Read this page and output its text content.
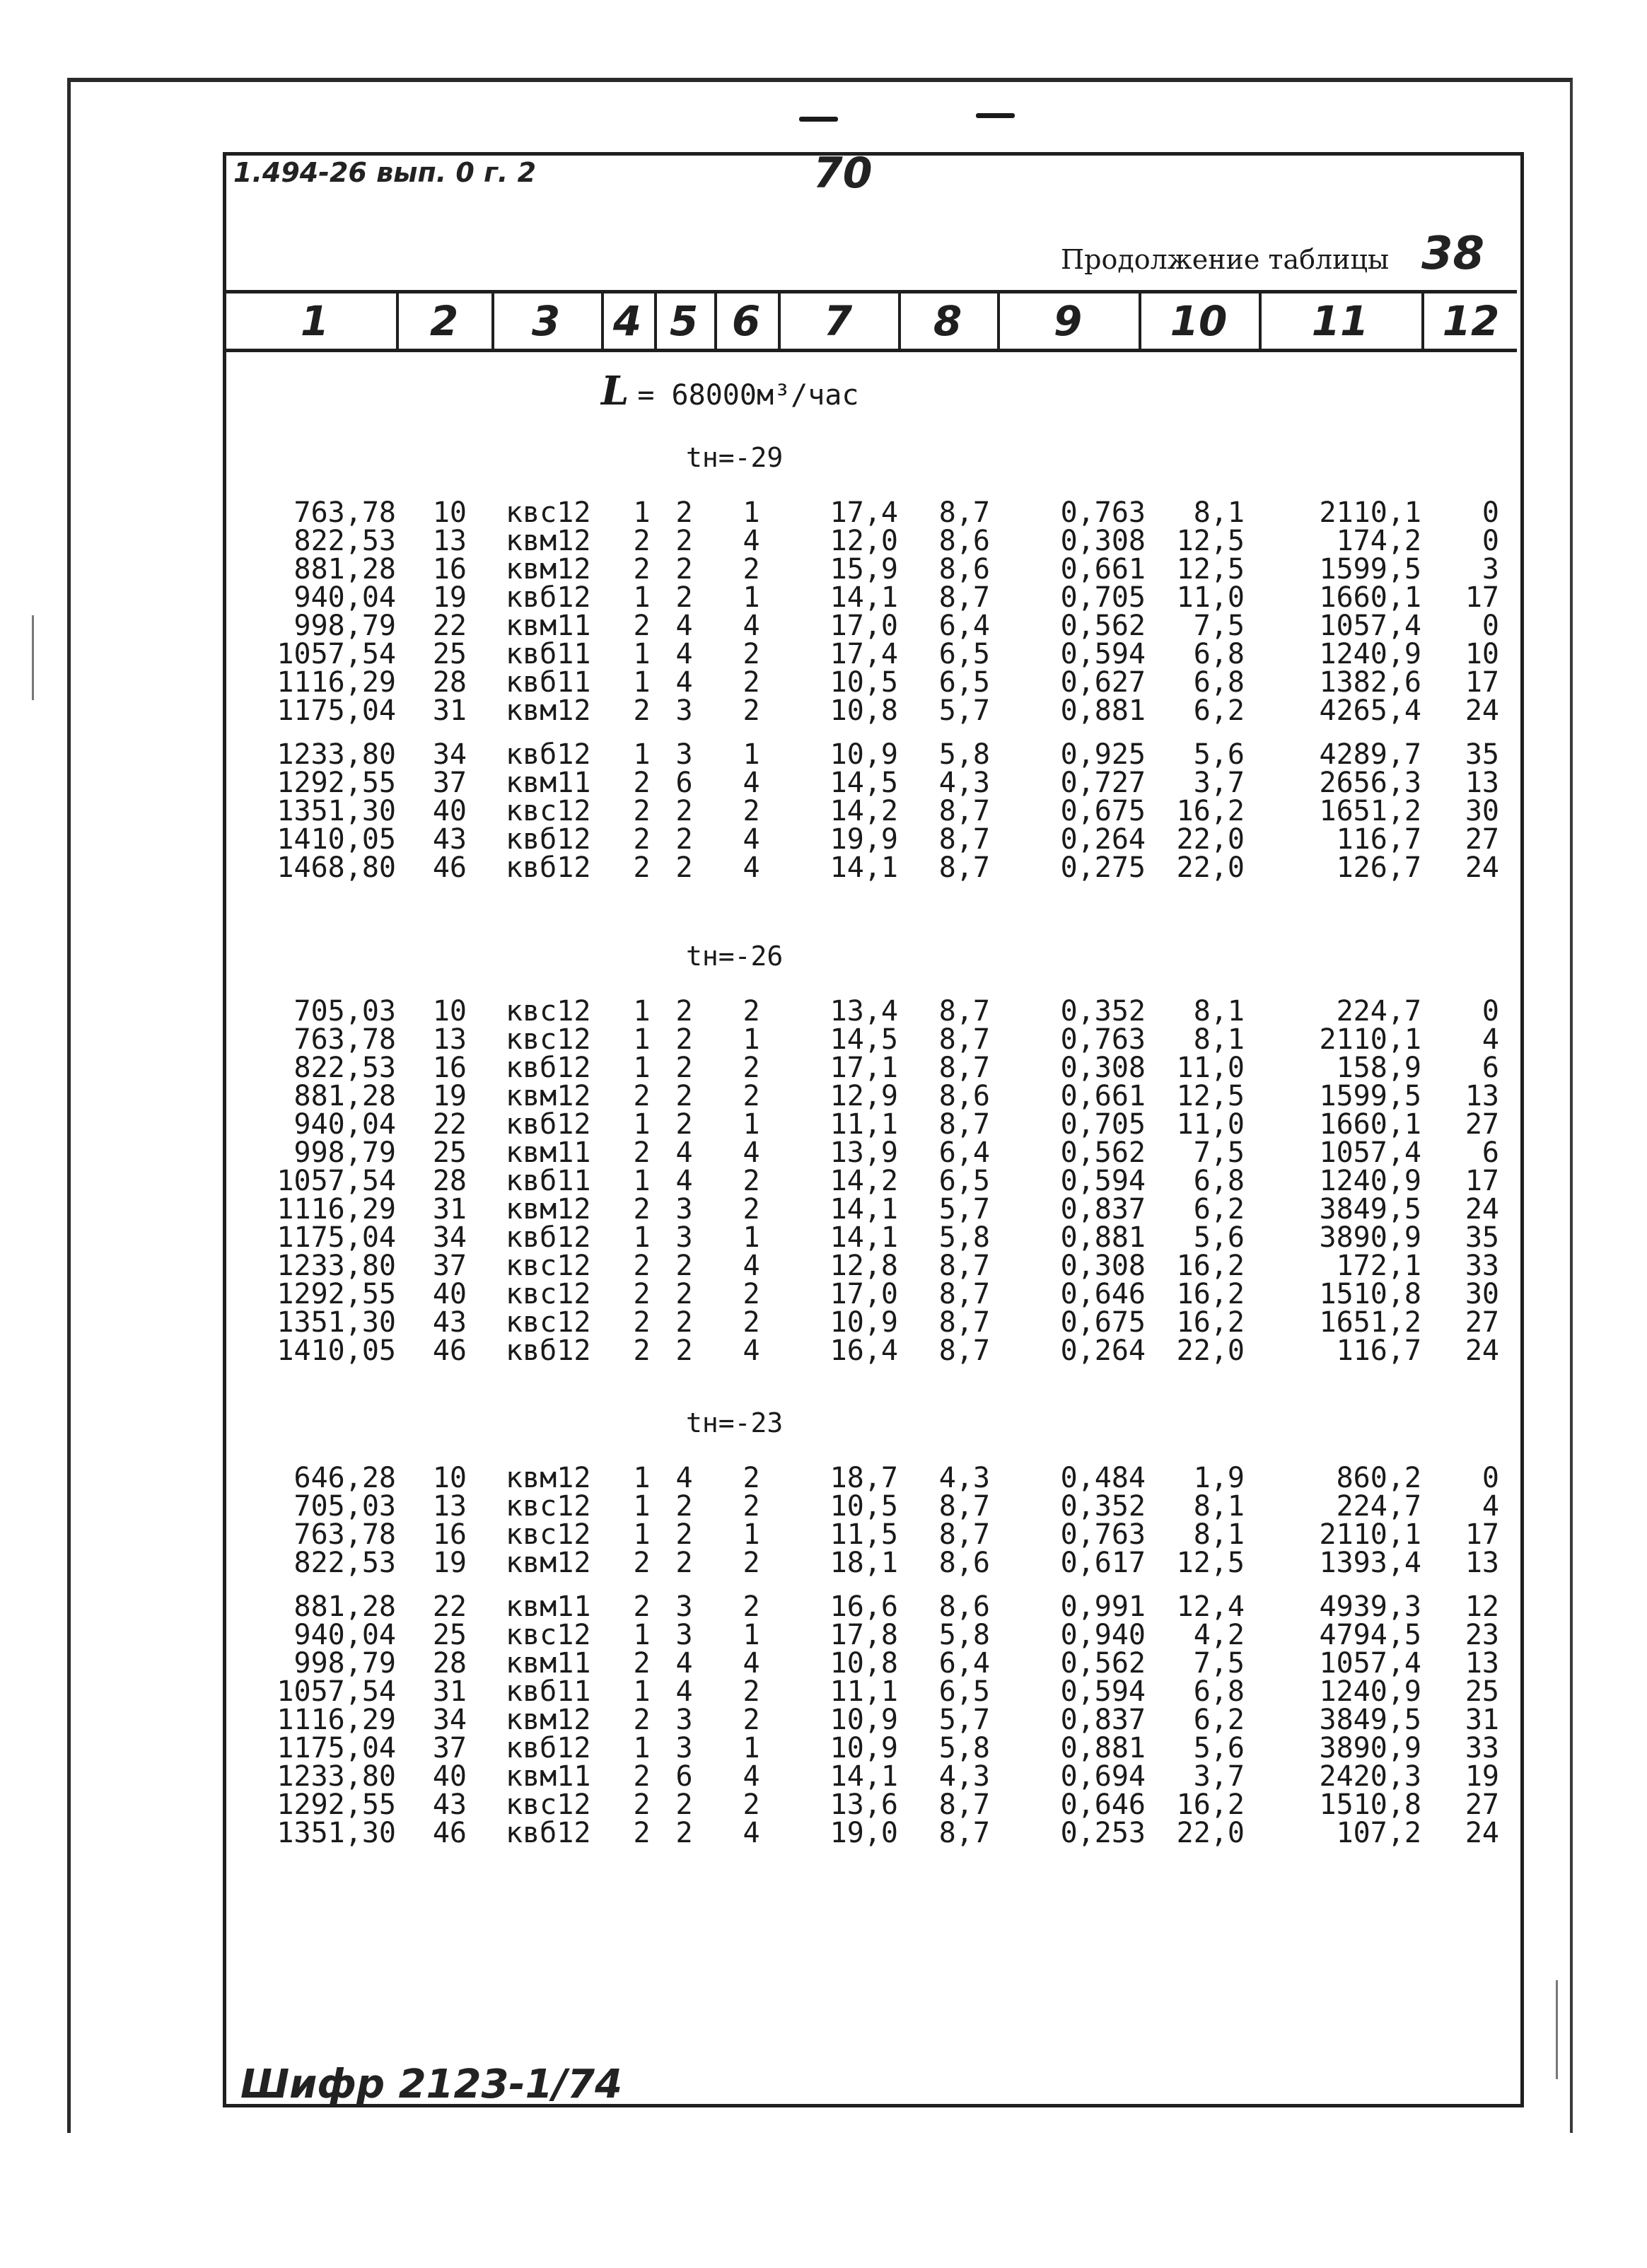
1.494-26 вып. 0 г. 2	70
Продолжение таблицы 38
1	2	3	4 5 6	7	8	9	10 11 12
L = 68000м³/час
tн=-29
763,78	10 квс12	1 2 1	17,4	8,7	0,763	8,1	2110,1	0
822,53	13 квм12	2 2 4	12,0	8,6	0,308	12,5	174,2	0
881,28	16 квм12	2 2 2	15,9	8,6	0,661	12,5	1599,5	3
940,04	19 квб12	1 2 1	14,1	8,7	0,705	11,0	1660,1	17
998,79	22 квм11	2 4 4	17,0	6,4	0,562	7,5	1057,4	0
1057,54	25 квб11	1 4 2	17,4	6,5	0,594	6,8	1240,9	10
1116,29	28 квб11	1 4 2	10,5	6,5	0,627	6,8	1382,6	17
1175,04	31 квм12	2 3 2	10,8	5,7	0,881	6,2	4265,4	24
1233,80	34 квб12	1 3 1	10,9	5,8	0,925	5,6	4289,7	35
1292,55	37 квм11	2 6 4	14,5	4,3	0,727	3,7	2656,3	13
1351,30	40 квс12	2 2 2	14,2	8,7	0,675	16,2	1651,2	30
1410,05	43 квб12	2 2 4	19,9	8,7	0,264	22,0	116,7	27
1468,80	46 квб12	2 2 4	14,1	8,7	0,275	22,0	126,7	24
tн=-26
705,03	10 квс12	1 2 2	13,4	8,7	0,352	8,1	224,7	0
763,78	13 квс12	1 2 1	14,5	8,7	0,763	8,1	2110,1	4
822,53	16 квб12	1 2 2	17,1	8,7	0,308	11,0	158,9	6
881,28	19 квм12	2 2 2	12,9	8,6	0,661	12,5	1599,5	13
940,04	22 квб12	1 2 1	11,1	8,7	0,705	11,0	1660,1	27
998,79	25 квм11	2 4 4	13,9	6,4	0,562	7,5	1057,4	6
1057,54	28 квб11	1 4 2	14,2	6,5	0,594	6,8	1240,9	17
1116,29	31 квм12	2 3 2	14,1	5,7	0,837	6,2	3849,5	24
1175,04	34 квб12	1 3 1	14,1	5,8	0,881	5,6	3890,9	35
1233,80	37 квс12	2 2 4	12,8	8,7	0,308	16,2	172,1	33
1292,55	40 квс12	2 2 2	17,0	8,7	0,646	16,2	1510,8	30
1351,30	43 квс12	2 2 2	10,9	8,7	0,675	16,2	1651,2	27
1410,05	46 квб12	2 2 4	16,4	8,7	0,264	22,0	116,7	24
tн=-23
646,28	10 квм12	1 4 2	18,7	4,3	0,484	1,9	860,2	0
705,03	13 квс12	1 2 2	10,5	8,7	0,352	8,1	224,7	4
763,78	16 квс12	1 2 1	11,5	8,7	0,763	8,1	2110,1	17
822,53	19 квм12	2 2 2	18,1	8,6	0,617	12,5	1393,4	13
881,28	22 квм11	2 3 2	16,6	8,6	0,991	12,4	4939,3	12
940,04	25 квс12	1 3 1	17,8	5,8	0,940	4,2	4794,5	23
998,79	28 квм11	2 4 4	10,8	6,4	0,562	7,5	1057,4	13
1057,54	31 квб11	1 4 2	11,1	6,5	0,594	6,8	1240,9	25
1116,29	34 квм12	2 3 2	10,9	5,7	0,837	6,2	3849,5	31
1175,04	37 квб12	1 3 1	10,9	5,8	0,881	5,6	3890,9	33
1233,80	40 квм11	2 6 4	14,1	4,3	0,694	3,7	2420,3	19
1292,55	43 квс12	2 2 2	13,6	8,7	0,646	16,2	1510,8	27
1351,30	46 квб12	2 2 4	19,0	8,7	0,253	22,0	107,2	24
Шифр 2123-1/74
